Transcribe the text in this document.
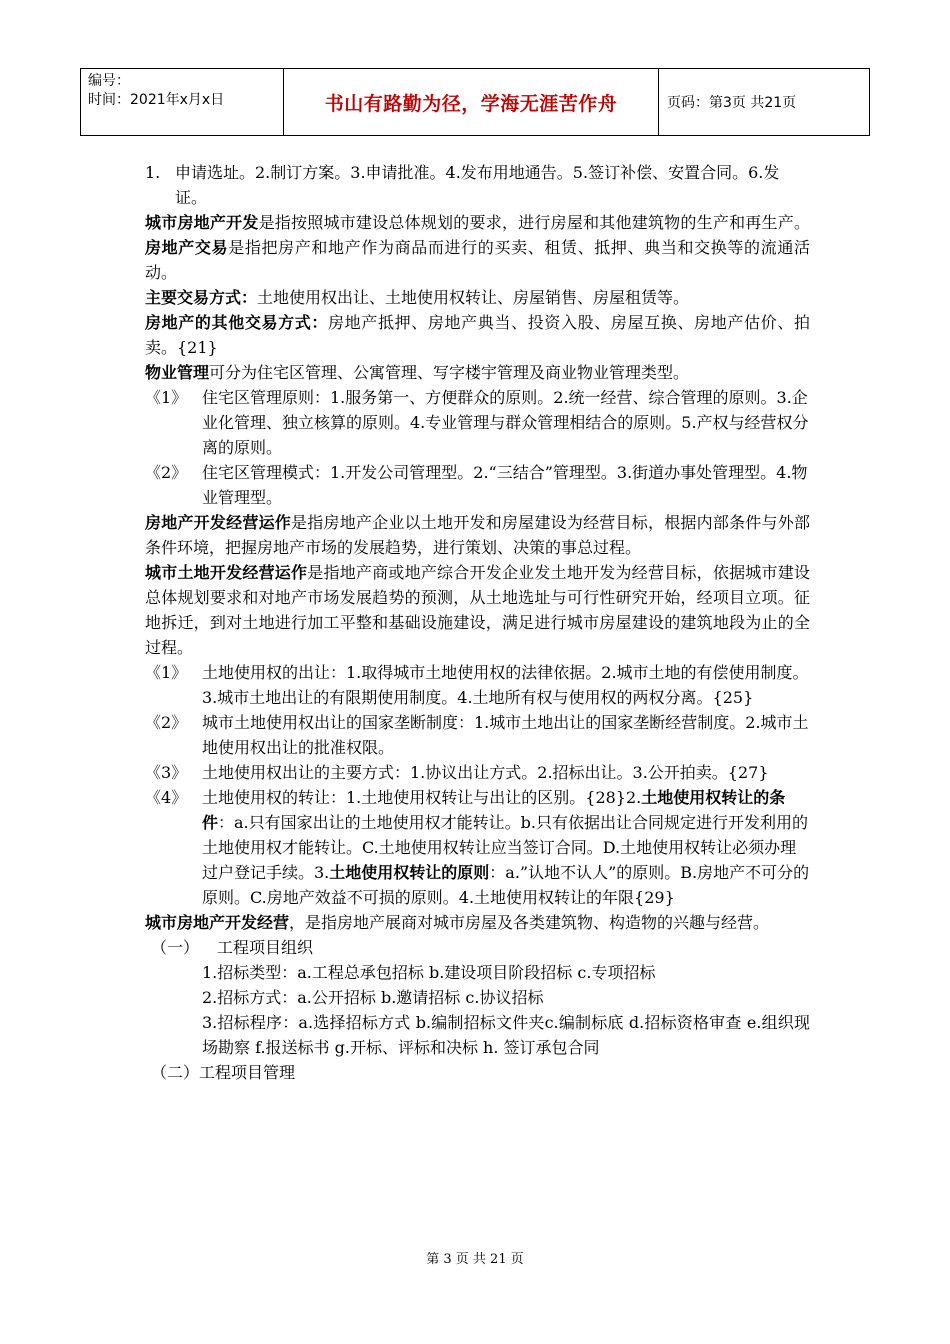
编号：
时间：2021年x月x日	书山有路勤为径，学海无涯苦作舟	页码：第3页 共21页
1. 申请选址。2.制订方案。3.申请批准。4.发布用地通告。5.签订补偿、安置合同。6.发证。

城市房地产开发是指按照城市建设总体规划的要求，进行房屋和其他建筑物的生产和再生产。房地产交易是指把房产和地产作为商品而进行的买卖、租赁、抵押、典当和交换等的流通活动。

主要交易方式：土地使用权出让、土地使用权转让、房屋销售、房屋租赁等。

房地产的其他交易方式：房地产抵押、房地产典当、投资入股、房屋互换、房地产估价、拍卖。{21}

物业管理可分为住宅区管理、公寓管理、写字楼宇管理及商业物业管理类型。

《1》 住宅区管理原则：1.服务第一、方便群众的原则。2.统一经营、综合管理的原则。3.企业化管理、独立核算的原则。4.专业管理与群众管理相结合的原则。5.产权与经营权分离的原则。
《2》 住宅区管理模式：1.开发公司管理型。2.“三结合”管理型。3.街道办事处管理型。4.物业管理型。

房地产开发经营运作是指房地产企业以土地开发和房屋建设为经营目标，根据内部条件与外部条件环境，把握房地产市场的发展趋势，进行策划、决策的事总过程。

城市土地开发经营运作是指地产商或地产综合开发企业发土地开发为经营目标，依据城市建设总体规划要求和对地产市场发展趋势的预测，从土地选址与可行性研究开始，经项目立项。征地拆迁，到对土地进行加工平整和基础设施建设，满足进行城市房屋建设的建筑地段为止的全过程。

《1》 土地使用权的出让：1.取得城市土地使用权的法律依据。2.城市土地的有偿使用制度。3.城市土地出让的有限期使用制度。4.土地所有权与使用权的两权分离。{25}
《2》 城市土地使用权出让的国家垄断制度：1.城市土地出让的国家垄断经营制度。2.城市土地使用权出让的批准权限。
《3》 土地使用权出让的主要方式：1.协议出让方式。2.招标出让。3.公开拍卖。{27}
《4》 土地使用权的转让：1.土地使用权转让与出让的区别。{28}2.土地使用权转让的条件：a.只有国家出让的土地使用权才能转让。b.只有依据出让合同规定进行开发利用的土地使用权才能转让。C.土地使用权转让应当签订合同。D.土地使用权转让必须办理过户登记手续。3.土地使用权转让的原则：a.”认地不认人”的原则。B.房地产不可分的原则。C.房地产效益不可损的原则。4.土地使用权转让的年限{29}

城市房地产开发经营，是指房地产展商对城市房屋及各类建筑物、构造物的兴趣与经营。

（一）	工程项目组织

1.招标类型：a.工程总承包招标 b.建设项目阶段招标 c.专项招标

2.招标方式：a.公开招标 b.邀请招标 c.协议招标

3.招标程序：a.选择招标方式 b.编制招标文件夹c.编制标底 d.招标资格审查 e.组织现场勘察 f.报送标书 g.开标、评标和决标 h. 签订承包合同

（二）工程项目管理
第 3 页 共 21 页
